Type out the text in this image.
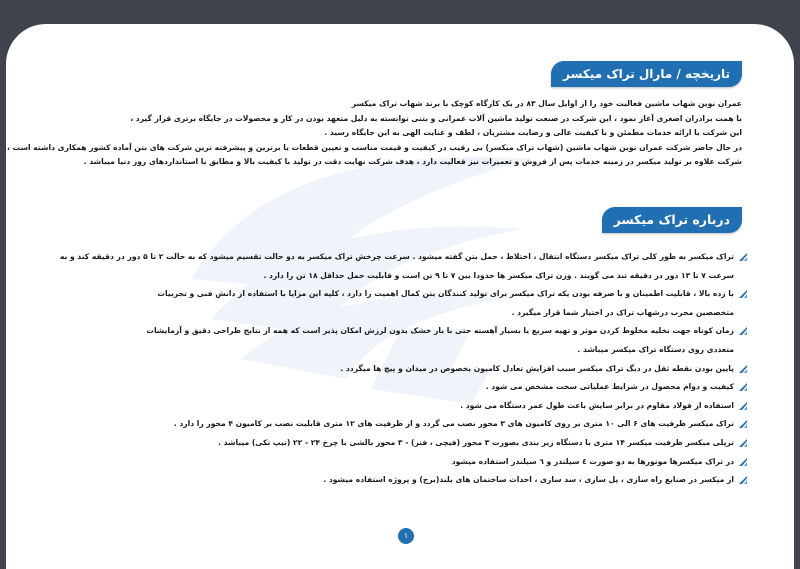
تاریخچه / مارال تراک میکسر

عمران نوین شهاب ماشین فعالیت خود را از اوایل سال ۸۳ در یک کارگاه کوچک با برند شهاب تراک میکسر

با همت برادران اصغری آغاز نمود ، این شرکت در صنعت تولید ماشین آلات عمرانی و بتنی توانسته به دلیل متعهد بودن در کار و محصولات در جایگاه برتری قرار گیرد ،

این شرکت با ارائه خدمات مطمئن و با کیفیت عالی و رضایت مشتریان ، لطف و عنایت الهی به این جایگاه رسید .

در حال حاضر شرکت عمران نوین شهاب ماشین (شهاب تراک میکسر) بی رقیب در کیفیت و قیمت مناسب و تعیین قطعات با برترین و پیشرفته ترین شرکت های بتن آماده کشور همکاری داشته است ،

شرکت علاوه بر تولید میکسر در زمینه خدمات پس از فروش و تعمیرات نیز فعالیت دارد ، هدف شرکت نهایت دقت در تولید با کیفیت بالا و مطابق با استانداردهای روز دنیا میباشد .

درباره تراک میکسر
تراک میکسر به طور کلی تراک میکسر دستگاه انتقال ، اختلاط ، حمل بتن گفته میشود . سرعت چرخش تراک میکسر به دو حالت تقسیم میشود که به حالت ۲ تا ۵ دور در دقیقه کند و به
سرعت ۷ تا ۱۳ دور در دقیقه تند می گویند . وزن تراک میکسر ها حدودا بین ۷ تا ۹ تن است و قابلیت حمل حداقل ۱۸ تن را دارد .
با زده بالا ، قابلیت اطمینان و با صرفه بودن یکه تراک میکسر برای تولید کنندگان بتن کمال اهمیت را دارد ، کلیه این مزایا با استفاده از دانش فنی و تجربیات
متخصصین مجرب درشهاب تراک در اختیار شما قرار میگیرد .
زمان کوتاه جهت تخلیه مخلوط کردن موثر و تهیه سریع یا بسیار آهسته حتی با بار خشک بدون لرزش امکان پذیر است که همه از نتایج طراحی دقیق و آزمایشات
متعددی روی دستگاه تراک میکسر میباشد .
پایین بودن نقطه ثقل در دیگ تراک میکسر سبب افزایش تعادل کامیون بخصوص در میدان و پیچ ها میگردد .
کیفیت و دوام محصول در شرایط عملیاتی سخت مشخص می شود .
استفاده از فولاد مقاوم در برابر سایش باعث طول عمر دستگاه می شود .
تراک میکسر ظرفیت های ۶ الی ۱۰ متری بر روی کامیون های ۳ محور نصب می گردد و از ظرفیت های ۱۲ متری قابلیت نصب بر کامیون ۴ محور را دارد .
ترپلی میکسر ظرفیت میکسر ۱۴ متری با دستگاه زیر بندی بصورت ۳ محور (فیچی ، فنر) - ۳ محور بالشی با چرخ ۲۴ - ۲۲ (تیپ تکی) میباشد .
در تراک میکسرها موتورها به دو صورت ٤ سیلندر و ٦ سیلندر استفاده میشود
از میکسر در صنایع راه سازی ، پل سازی ، سد سازی ، احداث ساختمان های بلند(برج) و پروژه استفاده میشود .
١
